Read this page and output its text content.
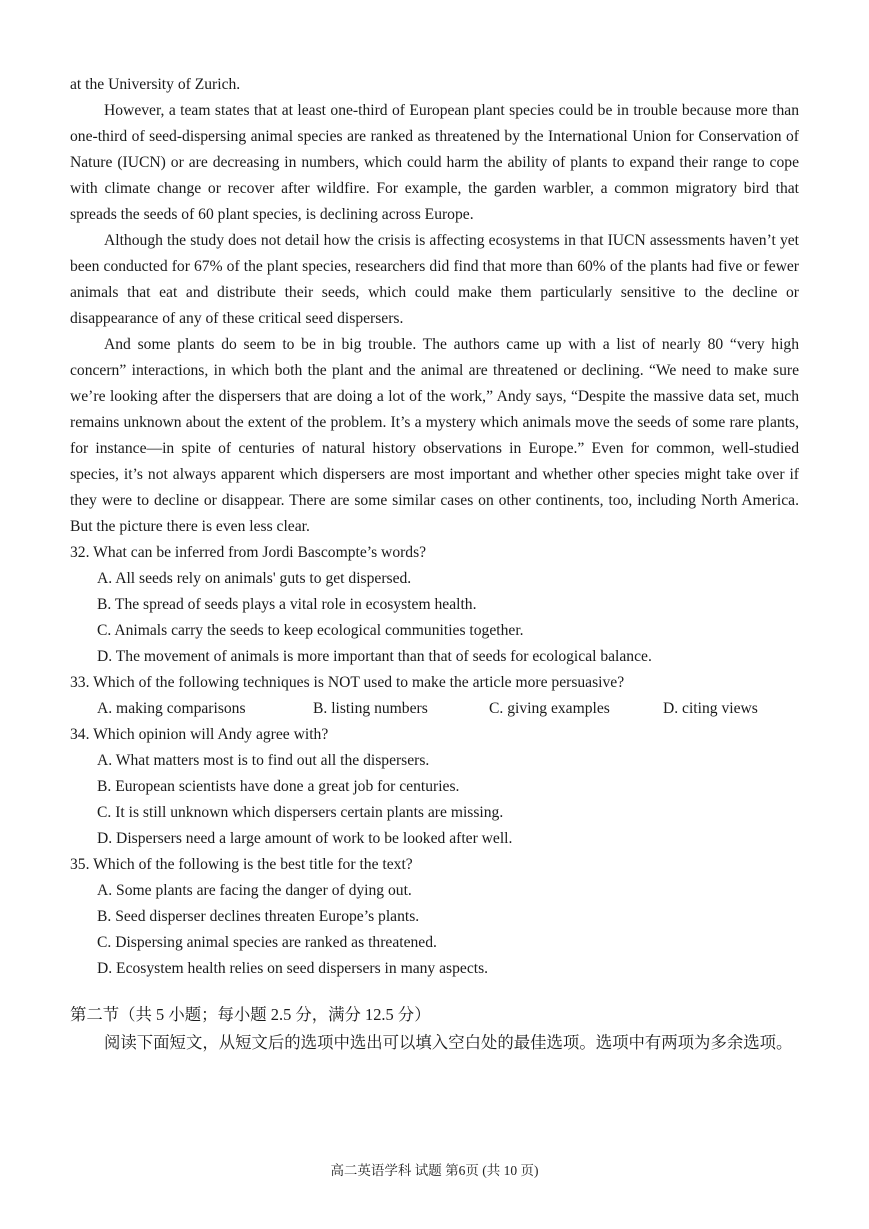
at the University of Zurich.

However, a team states that at least one-third of European plant species could be in trouble because more than one-third of seed-dispersing animal species are ranked as threatened by the International Union for Conservation of Nature (IUCN) or are decreasing in numbers, which could harm the ability of plants to expand their range to cope with climate change or recover after wildfire. For example, the garden warbler, a common migratory bird that spreads the seeds of 60 plant species, is declining across Europe.

Although the study does not detail how the crisis is affecting ecosystems in that IUCN assessments haven’t yet been conducted for 67% of the plant species, researchers did find that more than 60% of the plants had five or fewer animals that eat and distribute their seeds, which could make them particularly sensitive to the decline or disappearance of any of these critical seed dispersers.

And some plants do seem to be in big trouble. The authors came up with a list of nearly 80 “very high concern” interactions, in which both the plant and the animal are threatened or declining. “We need to make sure we’re looking after the dispersers that are doing a lot of the work,” Andy says, “Despite the massive data set, much remains unknown about the extent of the problem. It’s a mystery which animals move the seeds of some rare plants, for instance—in spite of centuries of natural history observations in Europe.” Even for common, well-studied species, it’s not always apparent which dispersers are most important and whether other species might take over if they were to decline or disappear. There are some similar cases on other continents, too, including North America. But the picture there is even less clear.

32. What can be inferred from Jordi Bascompte’s words?

A. All seeds rely on animals' guts to get dispersed.
B. The spread of seeds plays a vital role in ecosystem health.
C. Animals carry the seeds to keep ecological communities together.
D. The movement of animals is more important than that of seeds for ecological balance.

33. Which of the following techniques is NOT used to make the article more persuasive?

A. making comparisons	B. listing numbers	C. giving examples	D. citing views

34. Which opinion will Andy agree with?

A. What matters most is to find out all the dispersers.
B. European scientists have done a great job for centuries.
C. It is still unknown which dispersers certain plants are missing.
D. Dispersers need a large amount of work to be looked after well.

35. Which of the following is the best title for the text?

A. Some plants are facing the danger of dying out.
B. Seed disperser declines threaten Europe’s plants.
C. Dispersing animal species are ranked as threatened.
D. Ecosystem health relies on seed dispersers in many aspects.

第二节（共 5 小题；每小题 2.5 分，满分 12.5 分）

阅读下面短文，从短文后的选项中选出可以填入空白处的最佳选项。选项中有两项为多余选项。

高二英语学科 试题 第6页 (共 10 页)
